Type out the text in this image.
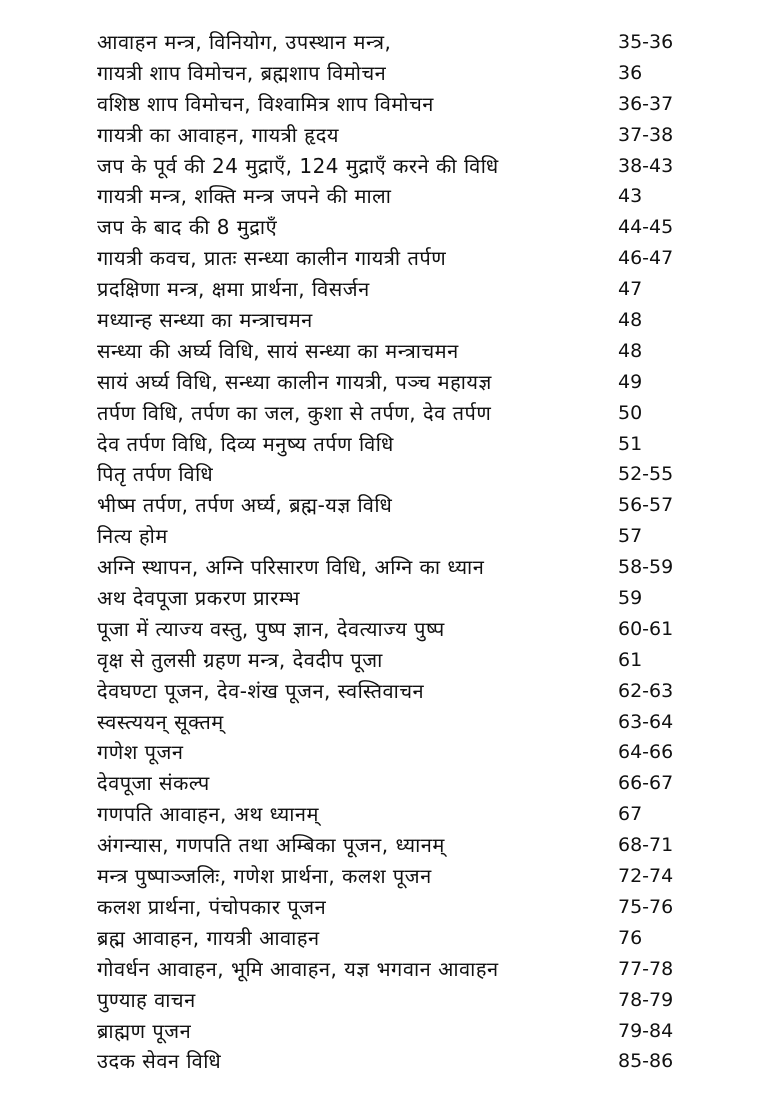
आवाहन मन्त्र, विनियोग, उपस्थान मन्त्र,	35-36
गायत्री शाप विमोचन, ब्रह्मशाप विमोचन	36
वशिष्ठ शाप विमोचन, विश्वामित्र शाप विमोचन	36-37
गायत्री का आवाहन, गायत्री हृदय	37-38
जप के पूर्व की 24 मुद्राएँ, 124 मुद्राएँ करने की विधि	38-43
गायत्री मन्त्र, शक्ति मन्त्र जपने की माला	43
जप के बाद की 8 मुद्राएँ	44-45
गायत्री कवच, प्रातः सन्ध्या कालीन गायत्री तर्पण	46-47
प्रदक्षिणा मन्त्र, क्षमा प्रार्थना, विसर्जन	47
मध्यान्ह सन्ध्या का मन्त्राचमन	48
सन्ध्या की अर्घ्य विधि, सायं सन्ध्या का मन्त्राचमन	48
सायं अर्घ्य विधि, सन्ध्या कालीन गायत्री, पञ्च महायज्ञ	49
तर्पण विधि, तर्पण का जल, कुशा से तर्पण, देव तर्पण	50
देव तर्पण विधि, दिव्य मनुष्य तर्पण विधि	51
पितृ तर्पण विधि	52-55
भीष्म तर्पण, तर्पण अर्घ्य, ब्रह्म-यज्ञ विधि	56-57
नित्य होम	57
अग्नि स्थापन, अग्नि परिसारण विधि, अग्नि का ध्यान	58-59
अथ देवपूजा प्रकरण प्रारम्भ	59
पूजा में त्याज्य वस्तु, पुष्प ज्ञान, देवत्याज्य पुष्प	60-61
वृक्ष से तुलसी ग्रहण मन्त्र, देवदीप पूजा	61
देवघण्टा पूजन, देव-शंख पूजन, स्वस्तिवाचन	62-63
स्वस्त्ययन् सूक्तम्	63-64
गणेश पूजन	64-66
देवपूजा संकल्प	66-67
गणपति आवाहन, अथ ध्यानम्	67
अंगन्यास, गणपति तथा अम्बिका पूजन, ध्यानम्	68-71
मन्त्र पुष्पाञ्जलिः, गणेश प्रार्थना, कलश पूजन	72-74
कलश प्रार्थना, पंचोपकार पूजन	75-76
ब्रह्म आवाहन, गायत्री आवाहन	76
गोवर्धन आवाहन, भूमि आवाहन, यज्ञ भगवान आवाहन	77-78
पुण्याह वाचन	78-79
ब्राह्मण पूजन	79-84
उदक सेवन विधि	85-86
